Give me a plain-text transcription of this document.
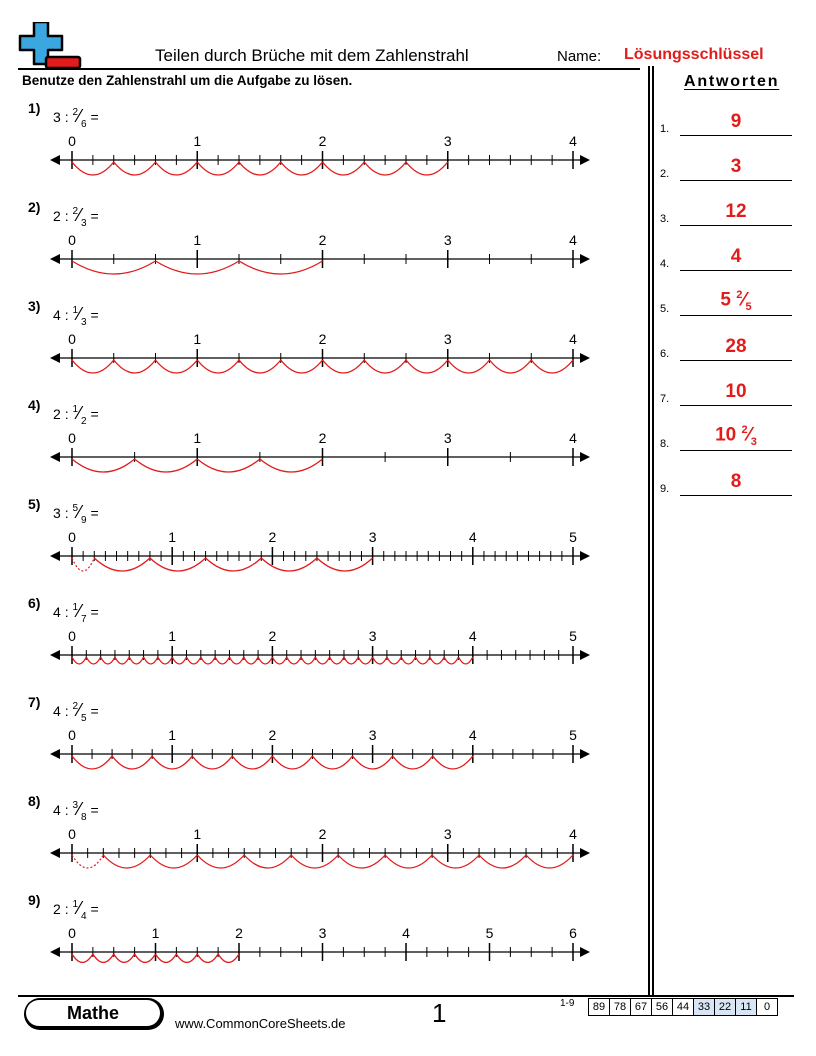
Teilen durch Brüche mit dem Zahlenstrahl	Name: Lösungsschlüssel
Benutze den Zahlenstrahl um die Aufgabe zu lösen.	Antworten
1.	9
2.	3
3.	12
4.	4
5.	5 $^2⁄_5$
6.	28
7.	10
8.	10 $^2⁄_3$
9.	8
1)
3 : $^2⁄_6$ =
2)
2 : $^2⁄_3$ =
3)
4 : $^1⁄_3$ =
4)
2 : $^1⁄_2$ =
5)
3 : $^5⁄_9$ =
6)
4 : $^1⁄_7$ =
7)
4 : $^2⁄_5$ =
8)
4 : $^3⁄_8$ =
9)
2 : $^1⁄_4$ =
0	1	2	3	4
0	1	2	3	4
0	1	2	3	4
0	1	2	3	4
0	1	2	3	4	5
0	1	2	3	4	5
0	1	2	3	4	5
0	1	2	3	4
0	1	2	3	4	5	6
Mathe
www.CommonCoreSheets.de	1	1-9	89 78 67 56 44 33 22 11	0
